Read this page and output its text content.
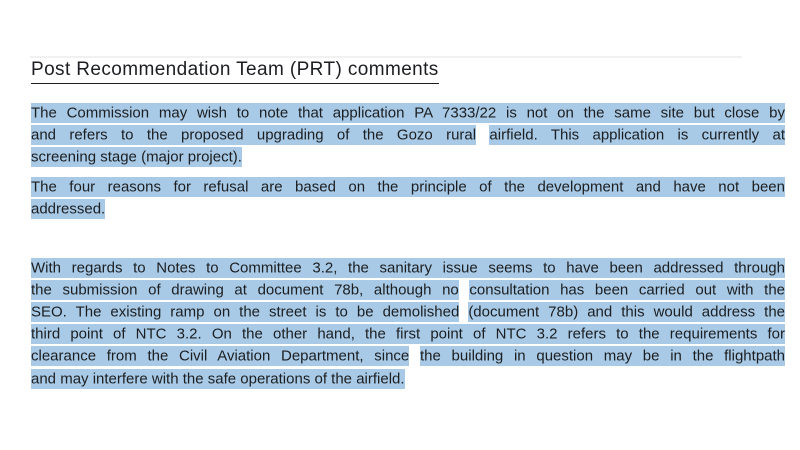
Post Recommendation Team (PRT) comments
The Commission may wish to note that application PA 7333/22 is not on the same site but close by
and refers to the proposed upgrading of the Gozo rural airfield. This application is currently at
screening stage (major project).
The four reasons for refusal are based on the principle of the development and have not been
addressed.
With regards to Notes to Committee 3.2, the sanitary issue seems to have been addressed through
the submission of drawing at document 78b, although no consultation has been carried out with the
SEO. The existing ramp on the street is to be demolished (document 78b) and this would address the
third point of NTC 3.2. On the other hand, the first point of NTC 3.2 refers to the requirements for
clearance from the Civil Aviation Department, since the building in question may be in the flightpath
and may interfere with the safe operations of the airfield.
